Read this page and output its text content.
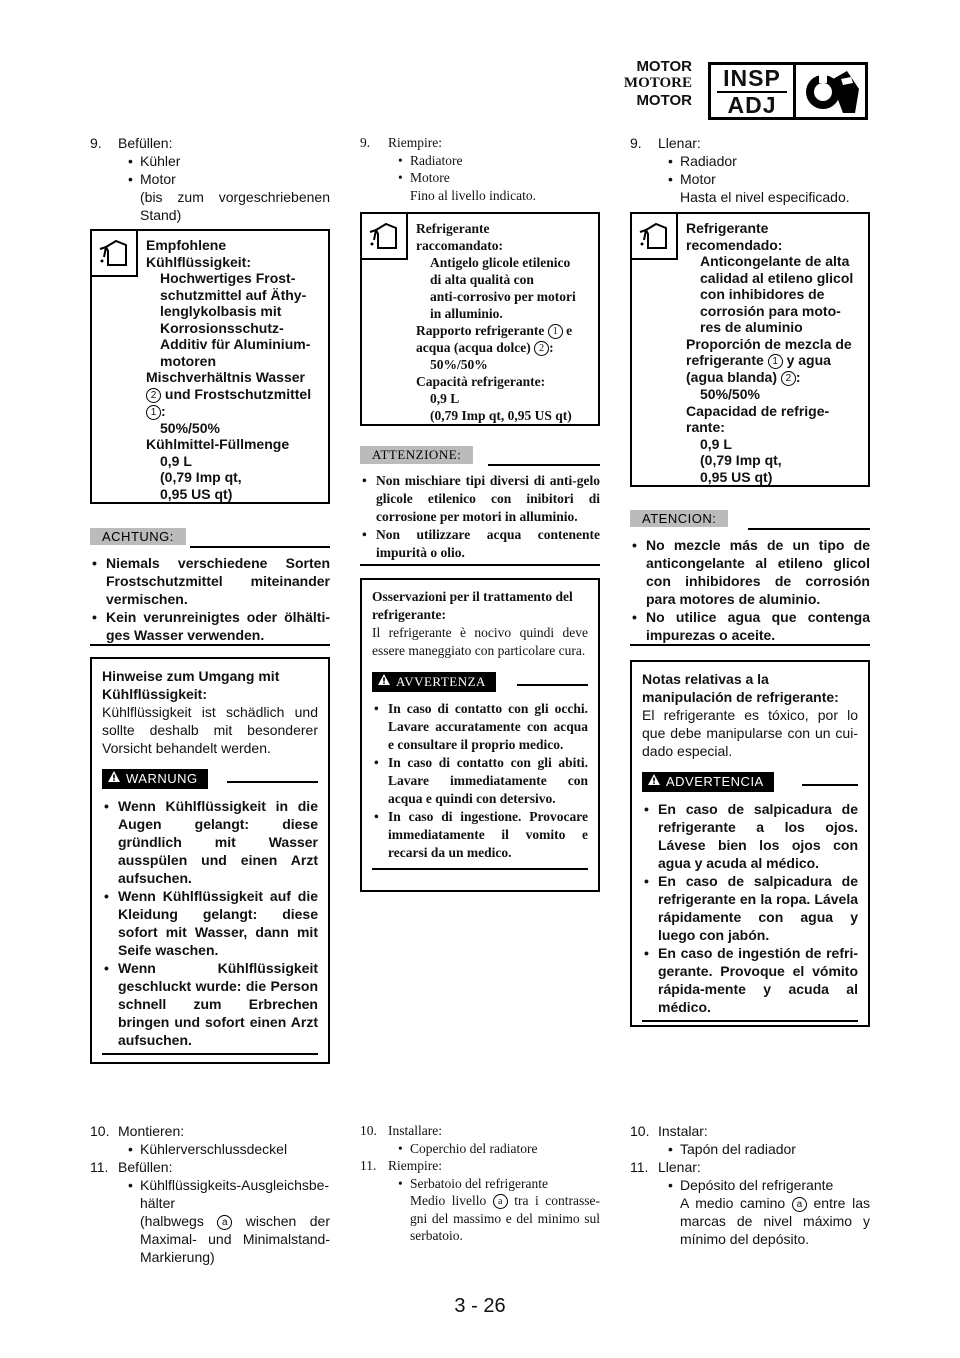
MOTOR
MOTORE
MOTOR
INSP
ADJ
9. Befüllen:
• Kühler
• Motor
(bis zum vorgeschriebenen Stand)
Empfohlene
Kühlflüssigkeit:
Hochwertiges Frost-
schutzmittel auf Äthy-
lenglykolbasis mit
Korrosionsschutz-
Additiv für Aluminium-
motoren
Mischverhältnis Wasser
2 und Frostschutzmittel
1 :
50%/50%
Kühlmittel-Füllmenge
0,9 L
(0,79 Imp qt,
0,95 US qt)
ACHTUNG:
• Niemals verschiedene Sorten Frostschutzmittel miteinander vermischen.
• Kein verunreinigtes oder ölhälti-ges Wasser verwenden.
Hinweise zum Umgang mit Kühlflüssigkeit:
Kühlflüssigkeit ist schädlich und sollte deshalb mit besonderer Vorsicht behandelt werden.
WARNUNG
• Wenn Kühlflüssigkeit in die Augen gelangt: diese gründlich mit Wasser ausspülen und einen Arzt aufsuchen.
• Wenn Kühlflüssigkeit auf die Kleidung gelangt: diese sofort mit Wasser, dann mit Seife waschen.
• Wenn Kühlflüssigkeit geschluckt wurde: die Person schnell zum Erbrechen bringen und sofort einen Arzt aufsuchen.
10. Montieren:
• Kühlerverschlussdeckel
11. Befüllen:
• Kühlflüssigkeits-Ausgleichsbe-hälter
(halbwegs a wischen der Maximal- und Minimalstand-Markierung)
9. Riempire:
• Radiatore
• Motore
Fino al livello indicato.
Refrigerante
raccomandato:
Antigelo glicole etilenico
di alta qualità con
anti-corrosivo per motori
in alluminio.
Rapporto refrigerante 1 e
acqua (acqua dolce) 2 :
50%/50%
Capacità refrigerante:
0,9 L
(0,79 Imp qt, 0,95 US qt)
ATTENZIONE:
• Non mischiare tipi diversi di anti-gelo glicole etilenico con inibitori di corrosione per motori in alluminio.
• Non utilizzare acqua contenente impurità o olio.
Osservazioni per il trattamento del refrigerante:
Il refrigerante è nocivo quindi deve essere maneggiato con particolare cura.
AVVERTENZA
• In caso di contatto con gli occhi. Lavare accuratamente con acqua e consultare il proprio medico.
• In caso di contatto con gli abiti. Lavare immediatamente con acqua e quindi con detersivo.
• In caso di ingestione. Provocare immediatamente il vomito e recarsi da un medico.
10. Installare:
• Coperchio del radiatore
11. Riempire:
• Serbatoio del refrigerante
Medio livello a tra i contrasse-gni del massimo e del minimo sul serbatoio.
9. Llenar:
• Radiador
• Motor
Hasta el nivel especificado.
Refrigerante
recomendado:
Anticongelante de alta
calidad al etileno glicol
con inhibidores de
corrosión para moto-
res de aluminio
Proporción de mezcla de
refrigerante 1 y agua
(agua blanda) 2 :
50%/50%
Capacidad de refrige-
rante:
0,9 L
(0,79 Imp qt,
0,95 US qt)
ATENCION:
• No mezcle más de un tipo de anticongelante al etileno glicol con inhibidores de corrosión para motores de aluminio.
• No utilice agua que contenga impurezas o aceite.
Notas relativas a la manipulación de refrigerante:
El refrigerante es tóxico, por lo que debe manipularse con un cui-dado especial.
ADVERTENCIA
• En caso de salpicadura de refrigerante a los ojos. Lávese bien los ojos con agua y acuda al médico.
• En caso de salpicadura de refrigerante en la ropa. Lávela rápidamente con agua y luego con jabón.
• En caso de ingestión de refri-gerante. Provoque el vómito rápida-mente y acuda al médico.
10. Instalar:
• Tapón del radiador
11. Llenar:
• Depósito del refrigerante
A medio camino a entre las marcas de nivel máximo y mínimo del depósito.
3 - 26
